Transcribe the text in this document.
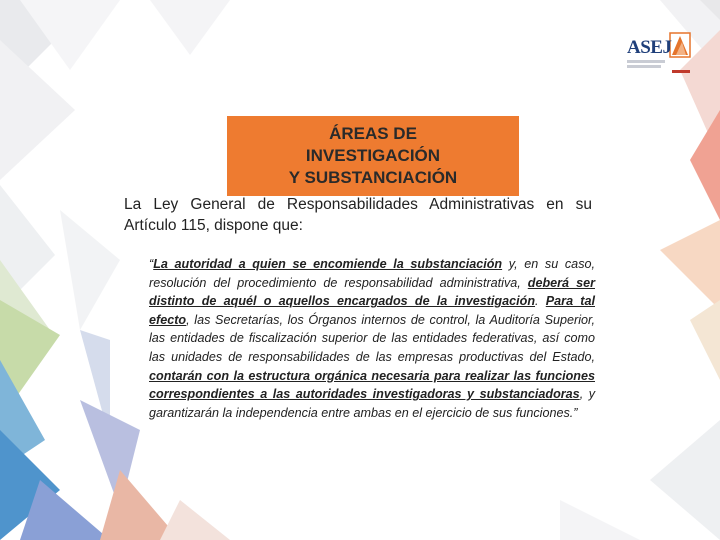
ASEJ
ÁREAS DE
INVESTIGACIÓN
Y SUBSTANCIACIÓN
La Ley General de Responsabilidades Administrativas en su Artículo 115, dispone que:
“La autoridad a quien se encomiende la substanciación y, en su caso, resolución del procedimiento de responsabilidad administrativa, deberá ser distinto de aquél o aquellos encargados de la investigación. Para tal efecto, las Secretarías, los Órganos internos de control, la Auditoría Superior, las entidades de fiscalización superior de las entidades federativas, así como las unidades de responsabilidades de las empresas productivas del Estado, contarán con la estructura orgánica necesaria para realizar las funciones correspondientes a las autoridades investigadoras y substanciadoras, y garantizarán la independencia entre ambas en el ejercicio de sus funciones.”
